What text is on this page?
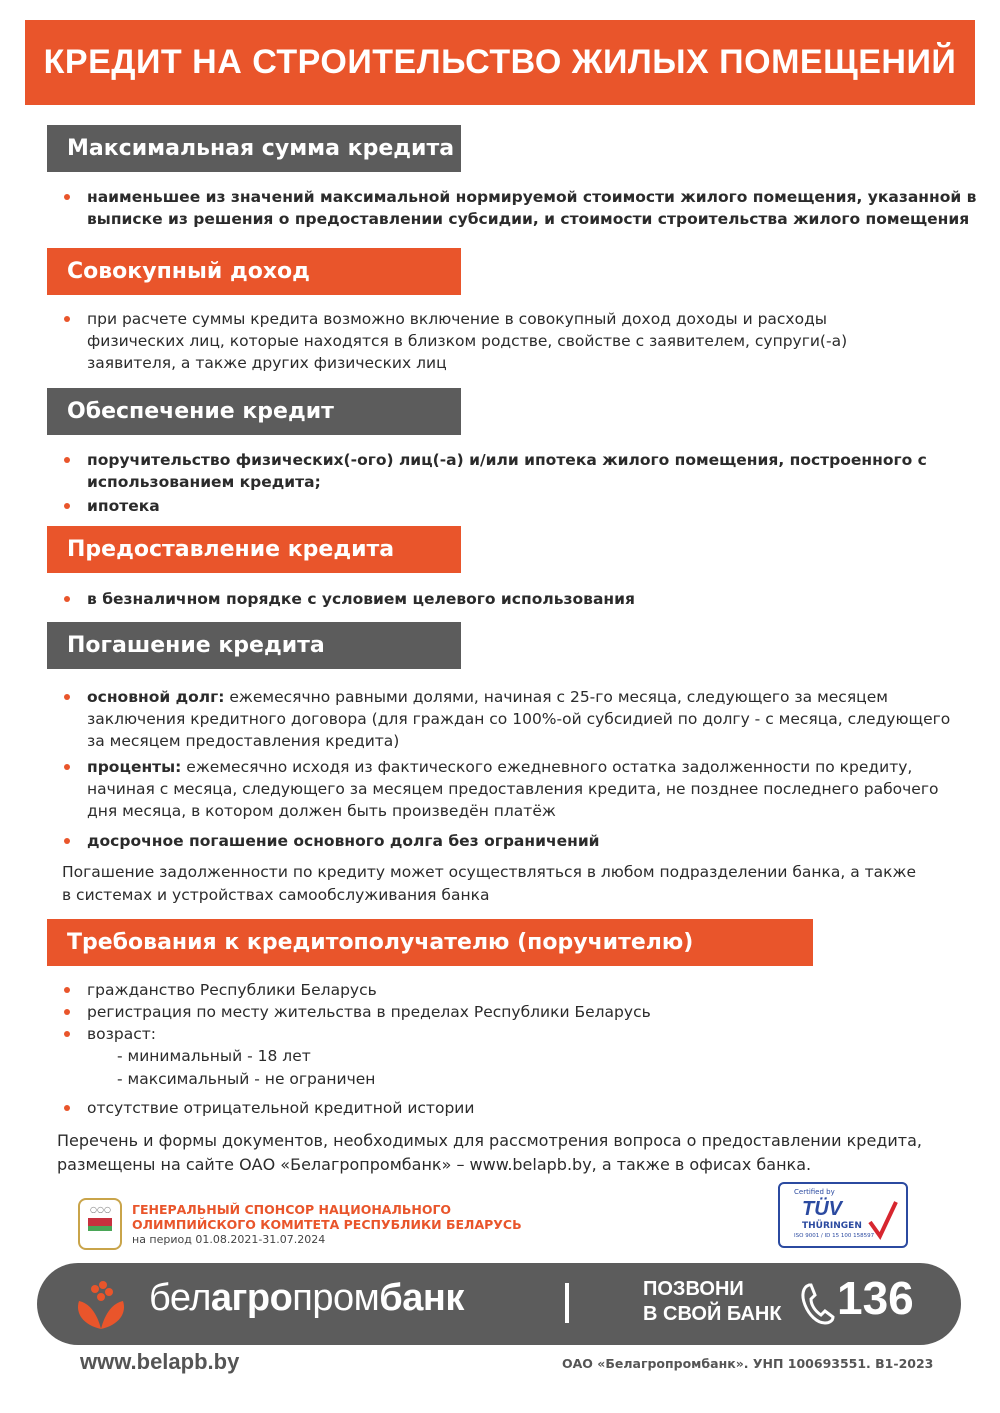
КРЕДИТ НА СТРОИТЕЛЬСТВО ЖИЛЫХ ПОМЕЩЕНИЙ
Максимальная сумма кредита
наименьшее из значений максимальной нормируемой стоимости жилого помещения, указанной в выписке из решения о предоставлении субсидии, и стоимости строительства жилого помещения
Совокупный доход
при расчете суммы кредита возможно включение в совокупный доход доходы и расходы физических лиц, которые находятся в близком родстве, свойстве с заявителем, супруги(-а) заявителя, а также других физических лиц
Обеспечение кредит
поручительство физических(-ого) лиц(-а) и/или ипотека жилого помещения, построенного с использованием кредита;
ипотека
Предоставление кредита
в безналичном порядке с условием целевого использования
Погашение кредита
основной долг: ежемесячно равными долями, начиная с 25-го месяца, следующего за месяцем заключения кредитного договора (для граждан со 100%-ой субсидией по долгу - с месяца, следующего за месяцем предоставления кредита)
проценты: ежемесячно исходя из фактического ежедневного остатка задолженности по кредиту, начиная с месяца, следующего за месяцем предоставления кредита, не позднее последнего рабочего дня месяца, в котором должен быть произведён платёж
досрочное погашение основного долга без ограничений
Погашение задолженности по кредиту может осуществляться в любом подразделении банка, а также в системах и устройствах самообслуживания банка
Требования к кредитополучателю (поручителю)
гражданство Республики Беларусь
регистрация по месту жительства в пределах Республики Беларусь
возраст:
- минимальный - 18 лет
- максимальный - не ограничен
отсутствие отрицательной кредитной истории
Перечень и формы документов, необходимых для рассмотрения вопроса о предоставлении кредита, размещены на сайте ОАО «Белагропромбанк» – www.belapb.by, а также в офисах банка.
○○○ ГЕНЕРАЛЬНЫЙ СПОНСОР НАЦИОНАЛЬНОГО
ОЛИМПИЙСКОГО КОМИТЕТА РЕСПУБЛИКИ БЕЛАРУСЬ
на период 01.08.2021-31.07.2024
Certified by
TÜV
THÜRINGEN
ISO 9001 / ID 15 100 158597
белагропромбанк	ПОЗВОНИ
В СВОЙ БАНК 136
www.belapb.by	ОАО «Белагропромбанк». УНП 100693551. В1-2023
